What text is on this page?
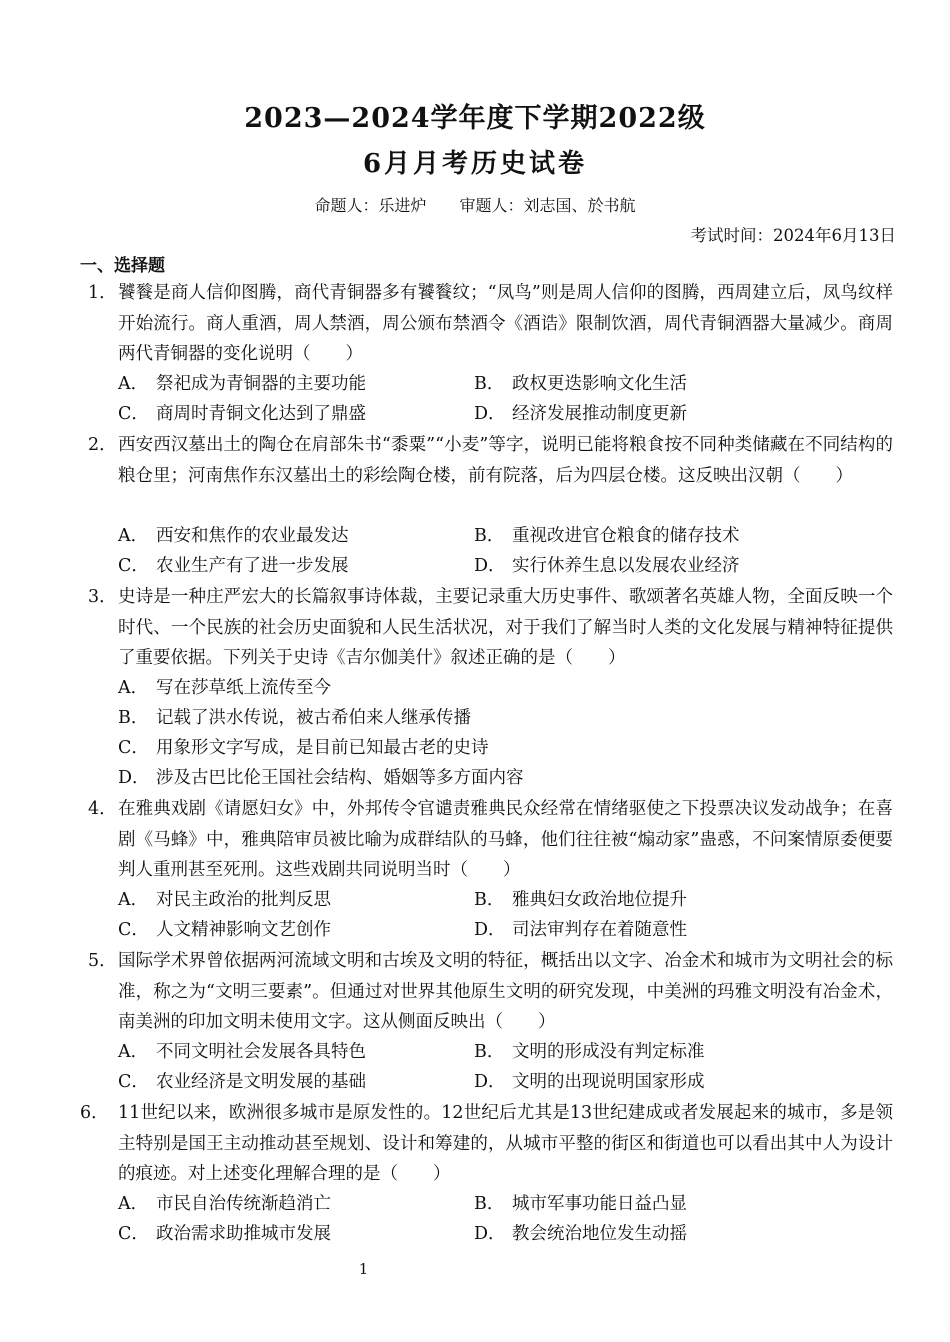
2023—2024学年度下学期2022级
6月月考历史试卷
命题人：乐进炉 审题人：刘志国、於书航
考试时间：2024年6月13日
一、选择题
1． 饕餮是商人信仰图腾，商代青铜器多有饕餮纹；“凤鸟”则是周人信仰的图腾，西周建立后，凤鸟纹样开始流行。商人重酒，周人禁酒，周公颁布禁酒令《酒诰》限制饮酒，周代青铜酒器大量减少。商周两代青铜器的变化说明（　　）
A． 祭祀成为青铜器的主要功能	B． 政权更迭影响文化生活
C． 商周时青铜文化达到了鼎盛	D． 经济发展推动制度更新
2． 西安西汉墓出土的陶仓在肩部朱书“黍粟”“小麦”等字，说明已能将粮食按不同种类储藏在不同结构的粮仓里；河南焦作东汉墓出土的彩绘陶仓楼，前有院落，后为四层仓楼。这反映出汉朝（　　）
A． 西安和焦作的农业最发达	B． 重视改进官仓粮食的储存技术
C． 农业生产有了进一步发展	D． 实行休养生息以发展农业经济
3． 史诗是一种庄严宏大的长篇叙事诗体裁，主要记录重大历史事件、歌颂著名英雄人物，全面反映一个时代、一个民族的社会历史面貌和人民生活状况，对于我们了解当时人类的文化发展与精神特征提供了重要依据。下列关于史诗《吉尔伽美什》叙述正确的是（　　）
A． 写在莎草纸上流传至今
B． 记载了洪水传说，被古希伯来人继承传播
C． 用象形文字写成，是目前已知最古老的史诗
D． 涉及古巴比伦王国社会结构、婚姻等多方面内容
4． 在雅典戏剧《请愿妇女》中，外邦传令官谴责雅典民众经常在情绪驱使之下投票决议发动战争；在喜剧《马蜂》中，雅典陪审员被比喻为成群结队的马蜂，他们往往被“煽动家”蛊惑，不问案情原委便要判人重刑甚至死刑。这些戏剧共同说明当时（　　）
A． 对民主政治的批判反思	B． 雅典妇女政治地位提升
C． 人文精神影响文艺创作	D． 司法审判存在着随意性
5． 国际学术界曾依据两河流域文明和古埃及文明的特征，概括出以文字、冶金术和城市为文明社会的标准，称之为“文明三要素”。但通过对世界其他原生文明的研究发现，中美洲的玛雅文明没有冶金术，南美洲的印加文明未使用文字。这从侧面反映出（　　）
A． 不同文明社会发展各具特色	B． 文明的形成没有判定标准
C． 农业经济是文明发展的基础	D． 文明的出现说明国家形成
6． 11世纪以来，欧洲很多城市是原发性的。12世纪后尤其是13世纪建成或者发展起来的城市，多是领主特别是国王主动推动甚至规划、设计和筹建的，从城市平整的街区和街道也可以看出其中人为设计的痕迹。对上述变化理解合理的是（　　）
A． 市民自治传统渐趋消亡	B． 城市军事功能日益凸显
C． 政治需求助推城市发展	D． 教会统治地位发生动摇
1
